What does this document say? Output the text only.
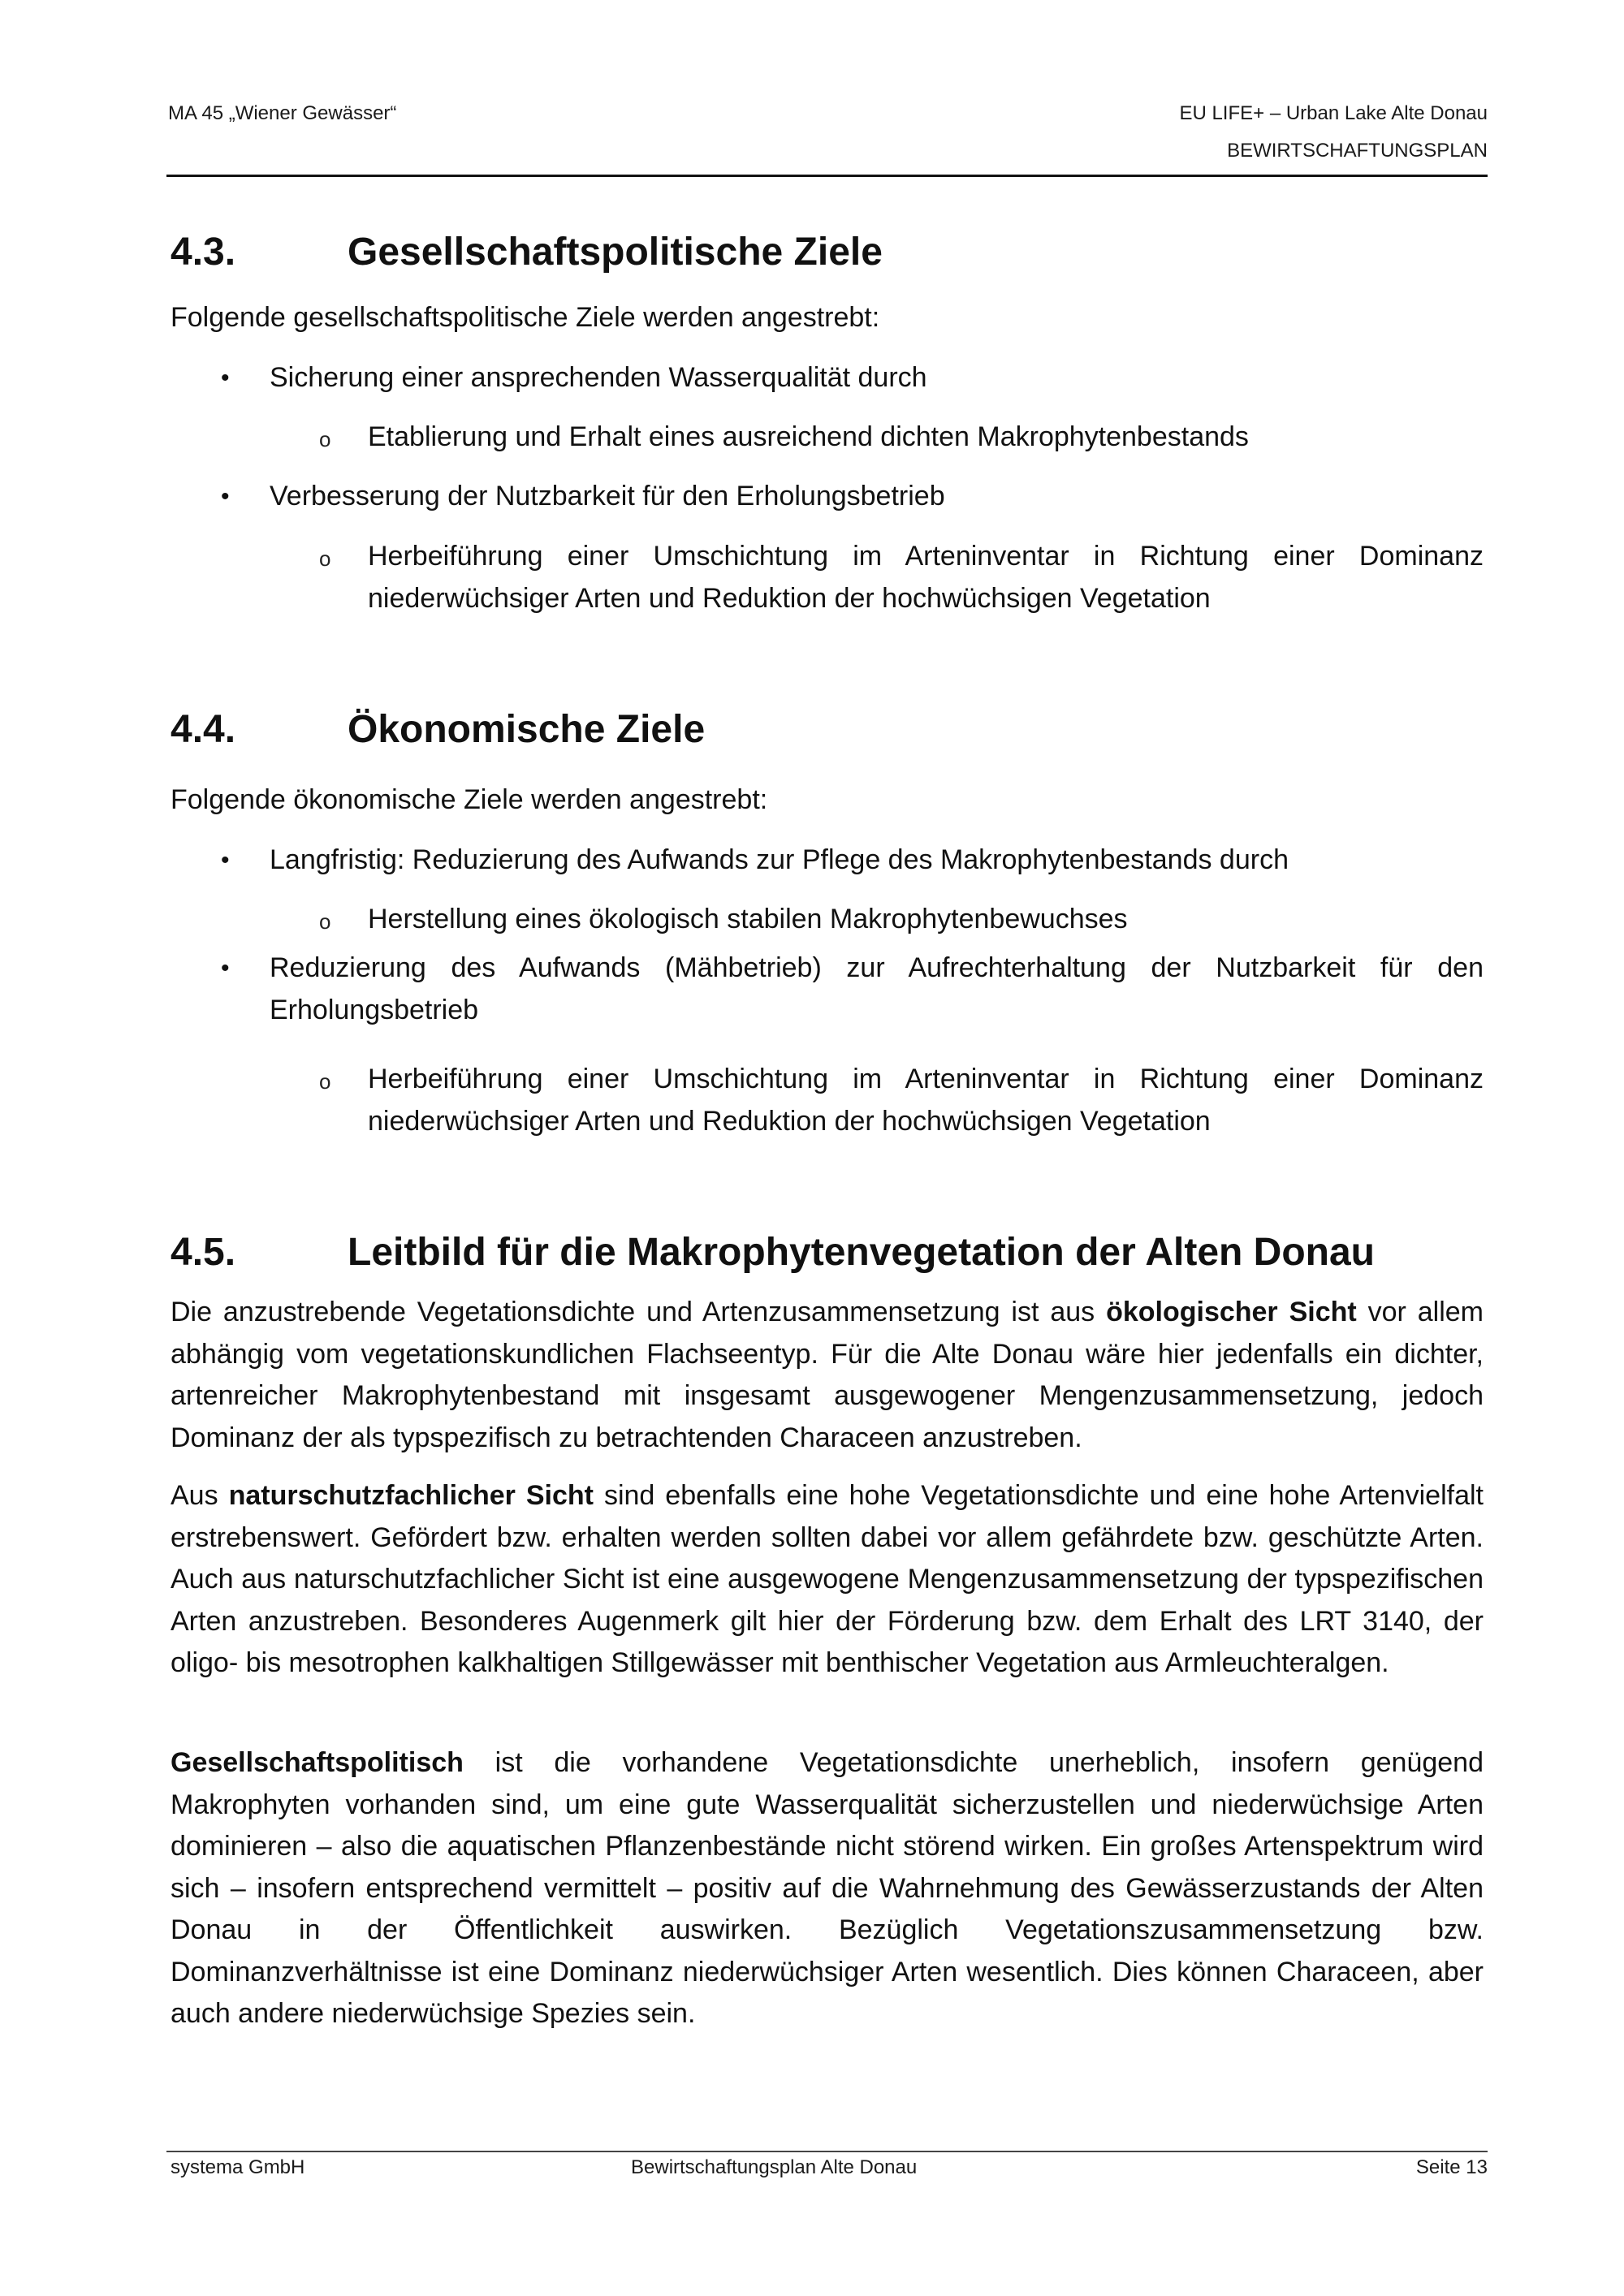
MA 45 „Wiener Gewässer“	EU LIFE+ – Urban Lake Alte Donau
BEWIRTSCHAFTUNGSPLAN
4.3.	Gesellschaftspolitische Ziele
Folgende gesellschaftspolitische Ziele werden angestrebt:
• Sicherung einer ansprechenden Wasserqualität durch
o Etablierung und Erhalt eines ausreichend dichten Makrophytenbestands
• Verbesserung der Nutzbarkeit für den Erholungsbetrieb
o Herbeiführung einer Umschichtung im Arteninventar in Richtung einer Dominanz niederwüchsiger Arten und Reduktion der hochwüchsigen Vegetation
4.4.	Ökonomische Ziele
Folgende ökonomische Ziele werden angestrebt:
• Langfristig: Reduzierung des Aufwands zur Pflege des Makrophytenbestands durch
o Herstellung eines ökologisch stabilen Makrophytenbewuchses
• Reduzierung des Aufwands (Mähbetrieb) zur Aufrechterhaltung der Nutzbarkeit für den Erholungsbetrieb
o Herbeiführung einer Umschichtung im Arteninventar in Richtung einer Dominanz niederwüchsiger Arten und Reduktion der hochwüchsigen Vegetation
4.5.	Leitbild für die Makrophytenvegetation der Alten Donau
Die anzustrebende Vegetationsdichte und Artenzusammensetzung ist aus ökologischer Sicht vor allem abhängig vom vegetationskundlichen Flachseentyp. Für die Alte Donau wäre hier jedenfalls ein dichter, artenreicher Makrophytenbestand mit insgesamt ausgewogener Mengenzusammensetzung, jedoch Dominanz der als typspezifisch zu betrachtenden Characeen anzustreben.
Aus naturschutzfachlicher Sicht sind ebenfalls eine hohe Vegetationsdichte und eine hohe Artenvielfalt erstrebenswert. Gefördert bzw. erhalten werden sollten dabei vor allem gefährdete bzw. geschützte Arten. Auch aus naturschutzfachlicher Sicht ist eine ausgewogene Mengenzusammensetzung der typspezifischen Arten anzustreben. Besonderes Augenmerk gilt hier der Förderung bzw. dem Erhalt des LRT 3140, der oligo- bis mesotrophen kalkhaltigen Stillgewässer mit benthischer Vegetation aus Armleuchteralgen.
Gesellschaftspolitisch ist die vorhandene Vegetationsdichte unerheblich, insofern genügend Makrophyten vorhanden sind, um eine gute Wasserqualität sicherzustellen und niederwüchsige Arten dominieren – also die aquatischen Pflanzenbestände nicht störend wirken. Ein großes Artenspektrum wird sich – insofern entsprechend vermittelt – positiv auf die Wahrnehmung des Gewässerzustands der Alten Donau in der Öffentlichkeit auswirken. Bezüglich Vegetationszusammensetzung bzw. Dominanzverhältnisse ist eine Dominanz niederwüchsiger Arten wesentlich. Dies können Characeen, aber auch andere niederwüchsige Spezies sein.
systema GmbH	Bewirtschaftungsplan Alte Donau	Seite 13
